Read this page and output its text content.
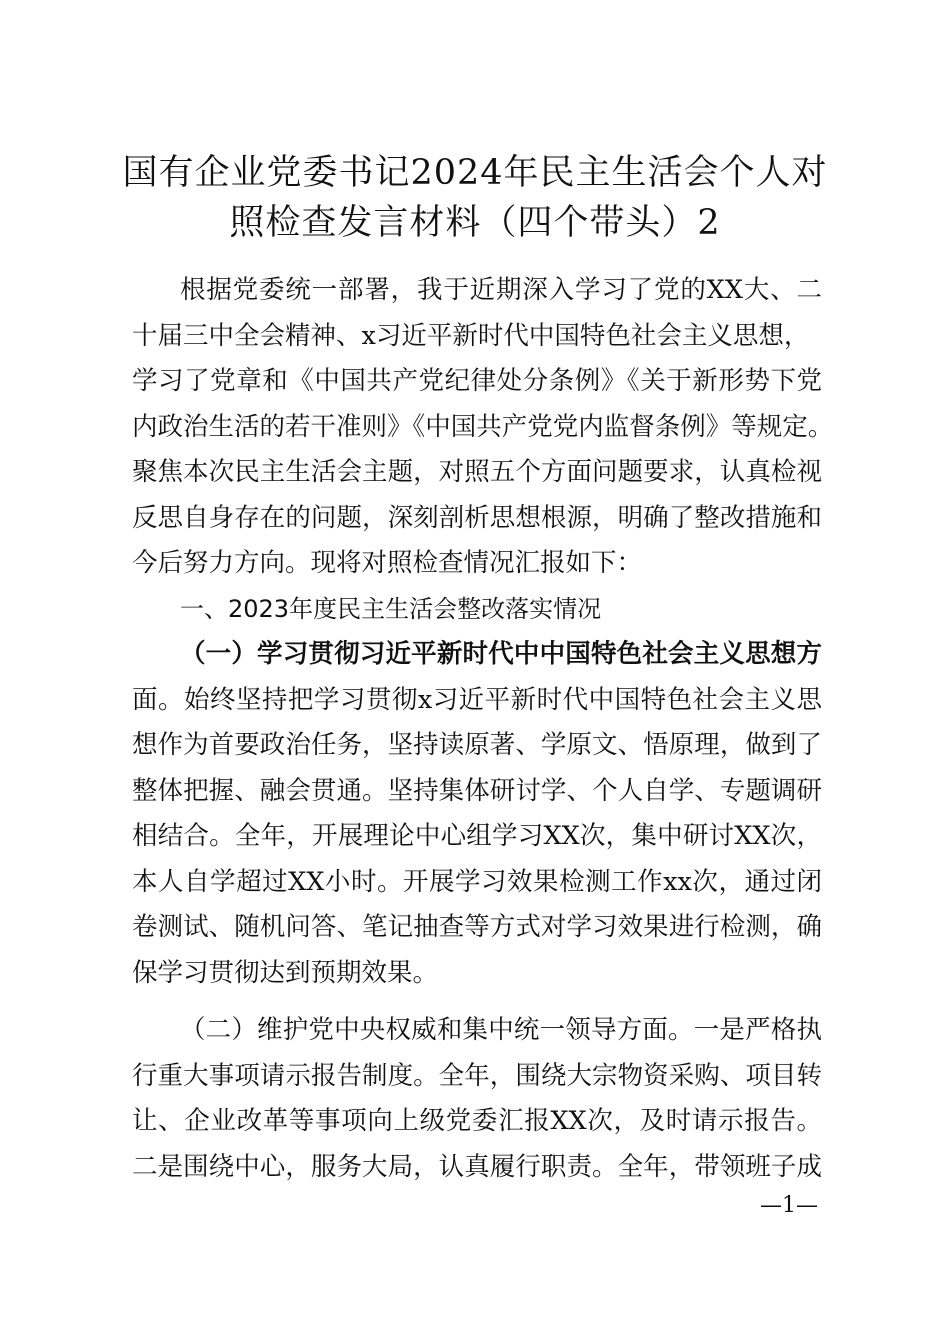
国有企业党委书记2024年民主生活会个人对
照检查发言材料（四个带头）2
根据党委统一部署，我于近期深入学习了党的XX大、二
十届三中全会精神、x习近平新时代中国特色社会主义思想，
学习了党章和《中国共产党纪律处分条例》《关于新形势下党
内政治生活的若干准则》《中国共产党党内监督条例》等规定。
聚焦本次民主生活会主题，对照五个方面问题要求，认真检视
反思自身存在的问题，深刻剖析思想根源，明确了整改措施和
今后努力方向。现将对照检查情况汇报如下：
一、2023年度民主生活会整改落实情况
（一）学习贯彻习近平新时代中中国特色社会主义思想方
面。始终坚持把学习贯彻x习近平新时代中国特色社会主义思
想作为首要政治任务，坚持读原著、学原文、悟原理，做到了
整体把握、融会贯通。坚持集体研讨学、个人自学、专题调研
相结合。全年，开展理论中心组学习XX次，集中研讨XX次，
本人自学超过XX小时。开展学习效果检测工作xx次，通过闭
卷测试、随机问答、笔记抽查等方式对学习效果进行检测，确
保学习贯彻达到预期效果。
（二）维护党中央权威和集中统一领导方面。一是严格执
行重大事项请示报告制度。全年，围绕大宗物资采购、项目转
让、企业改革等事项向上级党委汇报XX次，及时请示报告。
二是围绕中心，服务大局，认真履行职责。全年，带领班子成
—1—
